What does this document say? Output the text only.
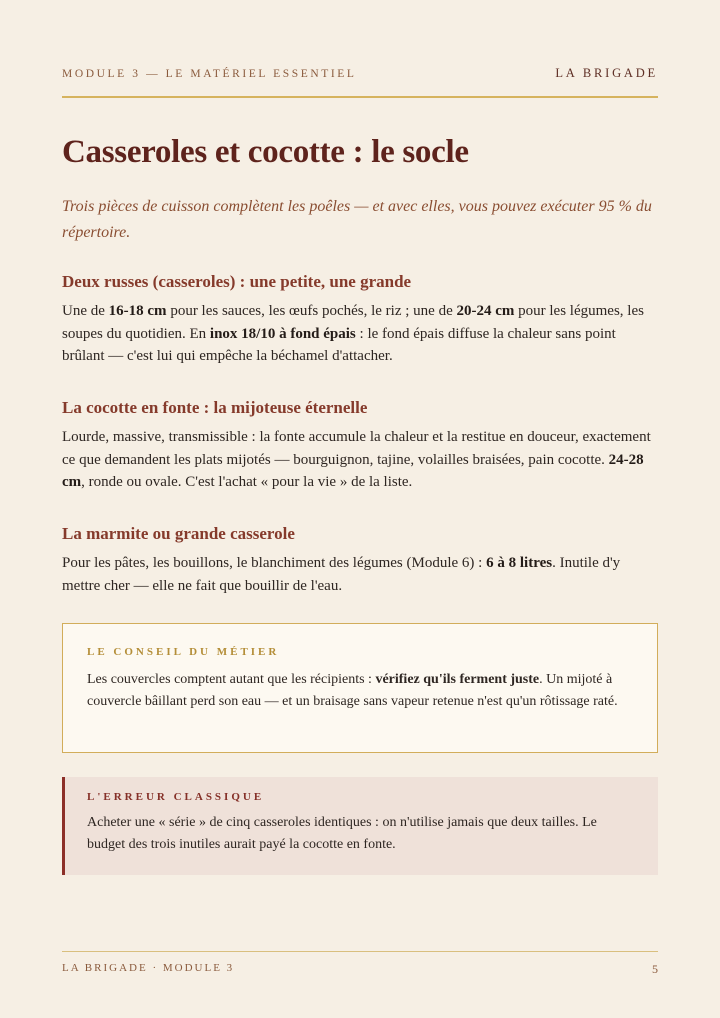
MODULE 3 — LE MATÉRIEL ESSENTIEL	LA BRIGADE
Casseroles et cocotte : le socle

Trois pièces de cuisson complètent les poêles — et avec elles, vous pouvez exécuter 95 % du répertoire.

Deux russes (casseroles) : une petite, une grande

Une de 16-18 cm pour les sauces, les œufs pochés, le riz ; une de 20-24 cm pour les légumes, les soupes du quotidien. En inox 18/10 à fond épais : le fond épais diffuse la chaleur sans point brûlant — c'est lui qui empêche la béchamel d'attacher.

La cocotte en fonte : la mijoteuse éternelle

Lourde, massive, transmissible : la fonte accumule la chaleur et la restitue en douceur, exactement ce que demandent les plats mijotés — bourguignon, tajine, volailles braisées, pain cocotte. 24-28 cm, ronde ou ovale. C'est l'achat « pour la vie » de la liste.

La marmite ou grande casserole

Pour les pâtes, les bouillons, le blanchiment des légumes (Module 6) : 6 à 8 litres. Inutile d'y mettre cher — elle ne fait que bouillir de l'eau.

LE CONSEIL DU MÉTIER

Les couvercles comptent autant que les récipients : vérifiez qu'ils ferment juste. Un mijoté à couvercle bâillant perd son eau — et un braisage sans vapeur retenue n'est qu'un rôtissage raté.

L'ERREUR CLASSIQUE

Acheter une « série » de cinq casseroles identiques : on n'utilise jamais que deux tailles. Le budget des trois inutiles aurait payé la cocotte en fonte.

LA BRIGADE · MODULE 3	5
